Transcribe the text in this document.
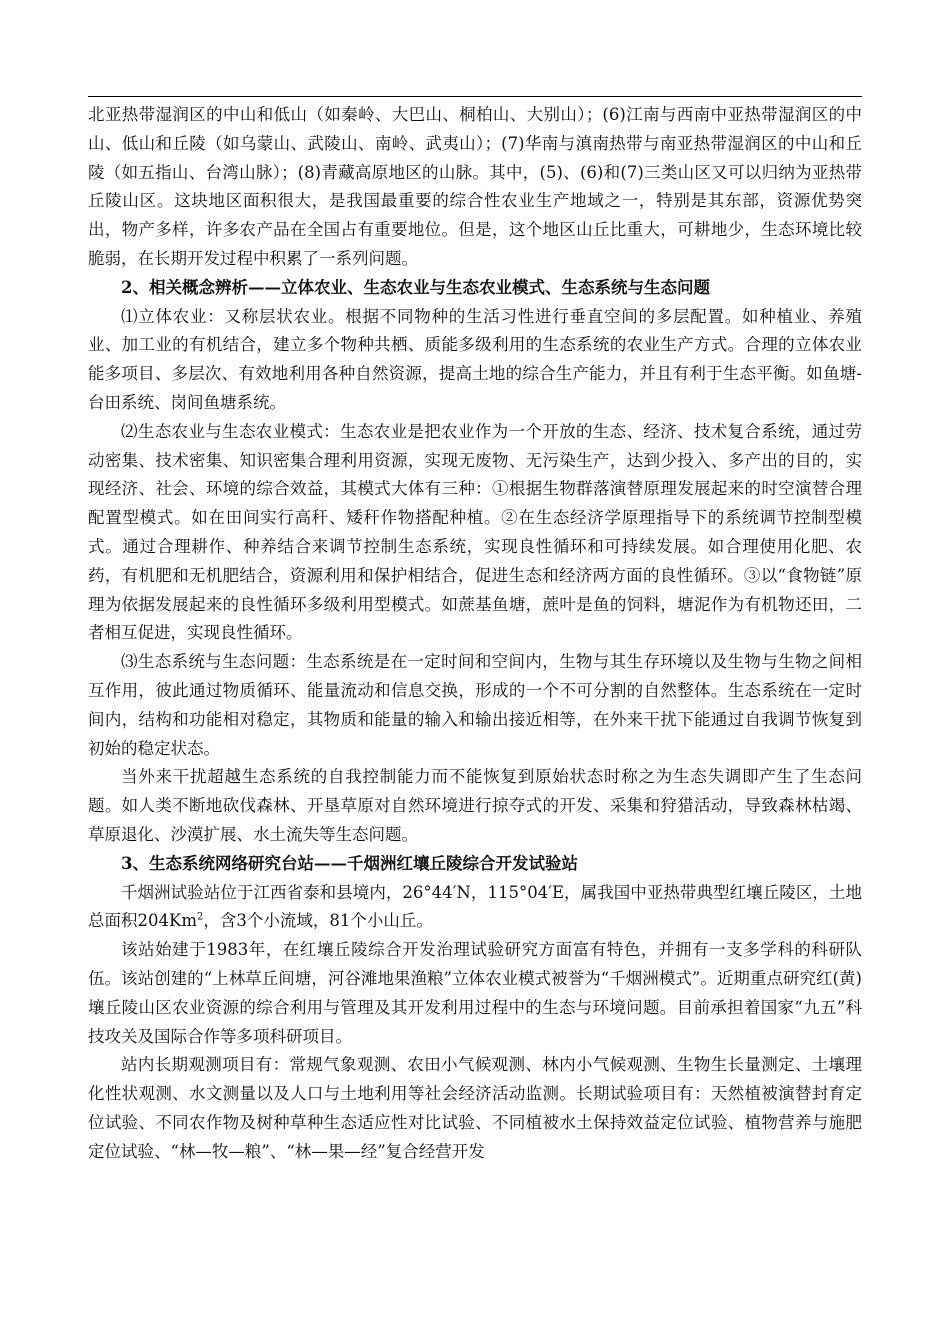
北亚热带湿润区的中山和低山（如秦岭、大巴山、桐柏山、大别山）；(6)江南与西南中亚热带湿润区的中山、低山和丘陵（如乌蒙山、武陵山、南岭、武夷山）；(7)华南与滇南热带与南亚热带湿润区的中山和丘陵（如五指山、台湾山脉）；(8)青藏高原地区的山脉。其中，(5)、(6)和(7)三类山区又可以归纳为亚热带丘陵山区。这块地区面积很大，是我国最重要的综合性农业生产地域之一，特别是其东部，资源优势突出，物产多样，许多农产品在全国占有重要地位。但是，这个地区山丘比重大，可耕地少，生态环境比较脆弱，在长期开发过程中积累了一系列问题。

2、相关概念辨析——立体农业、生态农业与生态农业模式、生态系统与生态问题

⑴立体农业：又称层状农业。根据不同物种的生活习性进行垂直空间的多层配置。如种植业、养殖业、加工业的有机结合，建立多个物种共栖、质能多级利用的生态系统的农业生产方式。合理的立体农业能多项目、多层次、有效地利用各种自然资源，提高土地的综合生产能力，并且有利于生态平衡。如鱼塘-台田系统、岗间鱼塘系统。

⑵生态农业与生态农业模式：生态农业是把农业作为一个开放的生态、经济、技术复合系统，通过劳动密集、技术密集、知识密集合理利用资源，实现无废物、无污染生产，达到少投入、多产出的目的，实现经济、社会、环境的综合效益，其模式大体有三种：①根据生物群落演替原理发展起来的时空演替合理配置型模式。如在田间实行高秆、矮秆作物搭配种植。②在生态经济学原理指导下的系统调节控制型模式。通过合理耕作、种养结合来调节控制生态系统，实现良性循环和可持续发展。如合理使用化肥、农药，有机肥和无机肥结合，资源利用和保护相结合，促进生态和经济两方面的良性循环。③以“食物链”原理为依据发展起来的良性循环多级利用型模式。如蔗基鱼塘，蔗叶是鱼的饲料，塘泥作为有机物还田，二者相互促进，实现良性循环。

⑶生态系统与生态问题：生态系统是在一定时间和空间内，生物与其生存环境以及生物与生物之间相互作用，彼此通过物质循环、能量流动和信息交换，形成的一个不可分割的自然整体。生态系统在一定时间内，结构和功能相对稳定，其物质和能量的输入和输出接近相等，在外来干扰下能通过自我调节恢复到初始的稳定状态。

当外来干扰超越生态系统的自我控制能力而不能恢复到原始状态时称之为生态失调即产生了生态问题。如人类不断地砍伐森林、开垦草原对自然环境进行掠夺式的开发、采集和狩猎活动，导致森林枯竭、草原退化、沙漠扩展、水土流失等生态问题。

3、生态系统网络研究台站——千烟洲红壤丘陵综合开发试验站

千烟洲试验站位于江西省泰和县境内，26°44′N，115°04′E，属我国中亚热带典型红壤丘陵区，土地总面积204Km$^2$，含3个小流域，81个小山丘。

该站始建于1983年，在红壤丘陵综合开发治理试验研究方面富有特色，并拥有一支多学科的科研队伍。该站创建的“上林草丘间塘，河谷滩地果渔粮”立体农业模式被誉为“千烟洲模式”。近期重点研究红(黄)壤丘陵山区农业资源的综合利用与管理及其开发利用过程中的生态与环境问题。目前承担着国家“九五”科技攻关及国际合作等多项科研项目。

站内长期观测项目有：常规气象观测、农田小气候观测、林内小气候观测、生物生长量测定、土壤理化性状观测、水文测量以及人口与土地利用等社会经济活动监测。长期试验项目有：天然植被演替封育定位试验、不同农作物及树种草种生态适应性对比试验、不同植被水土保持效益定位试验、植物营养与施肥定位试验、“林—牧—粮”、“林—果—经”复合经营开发
